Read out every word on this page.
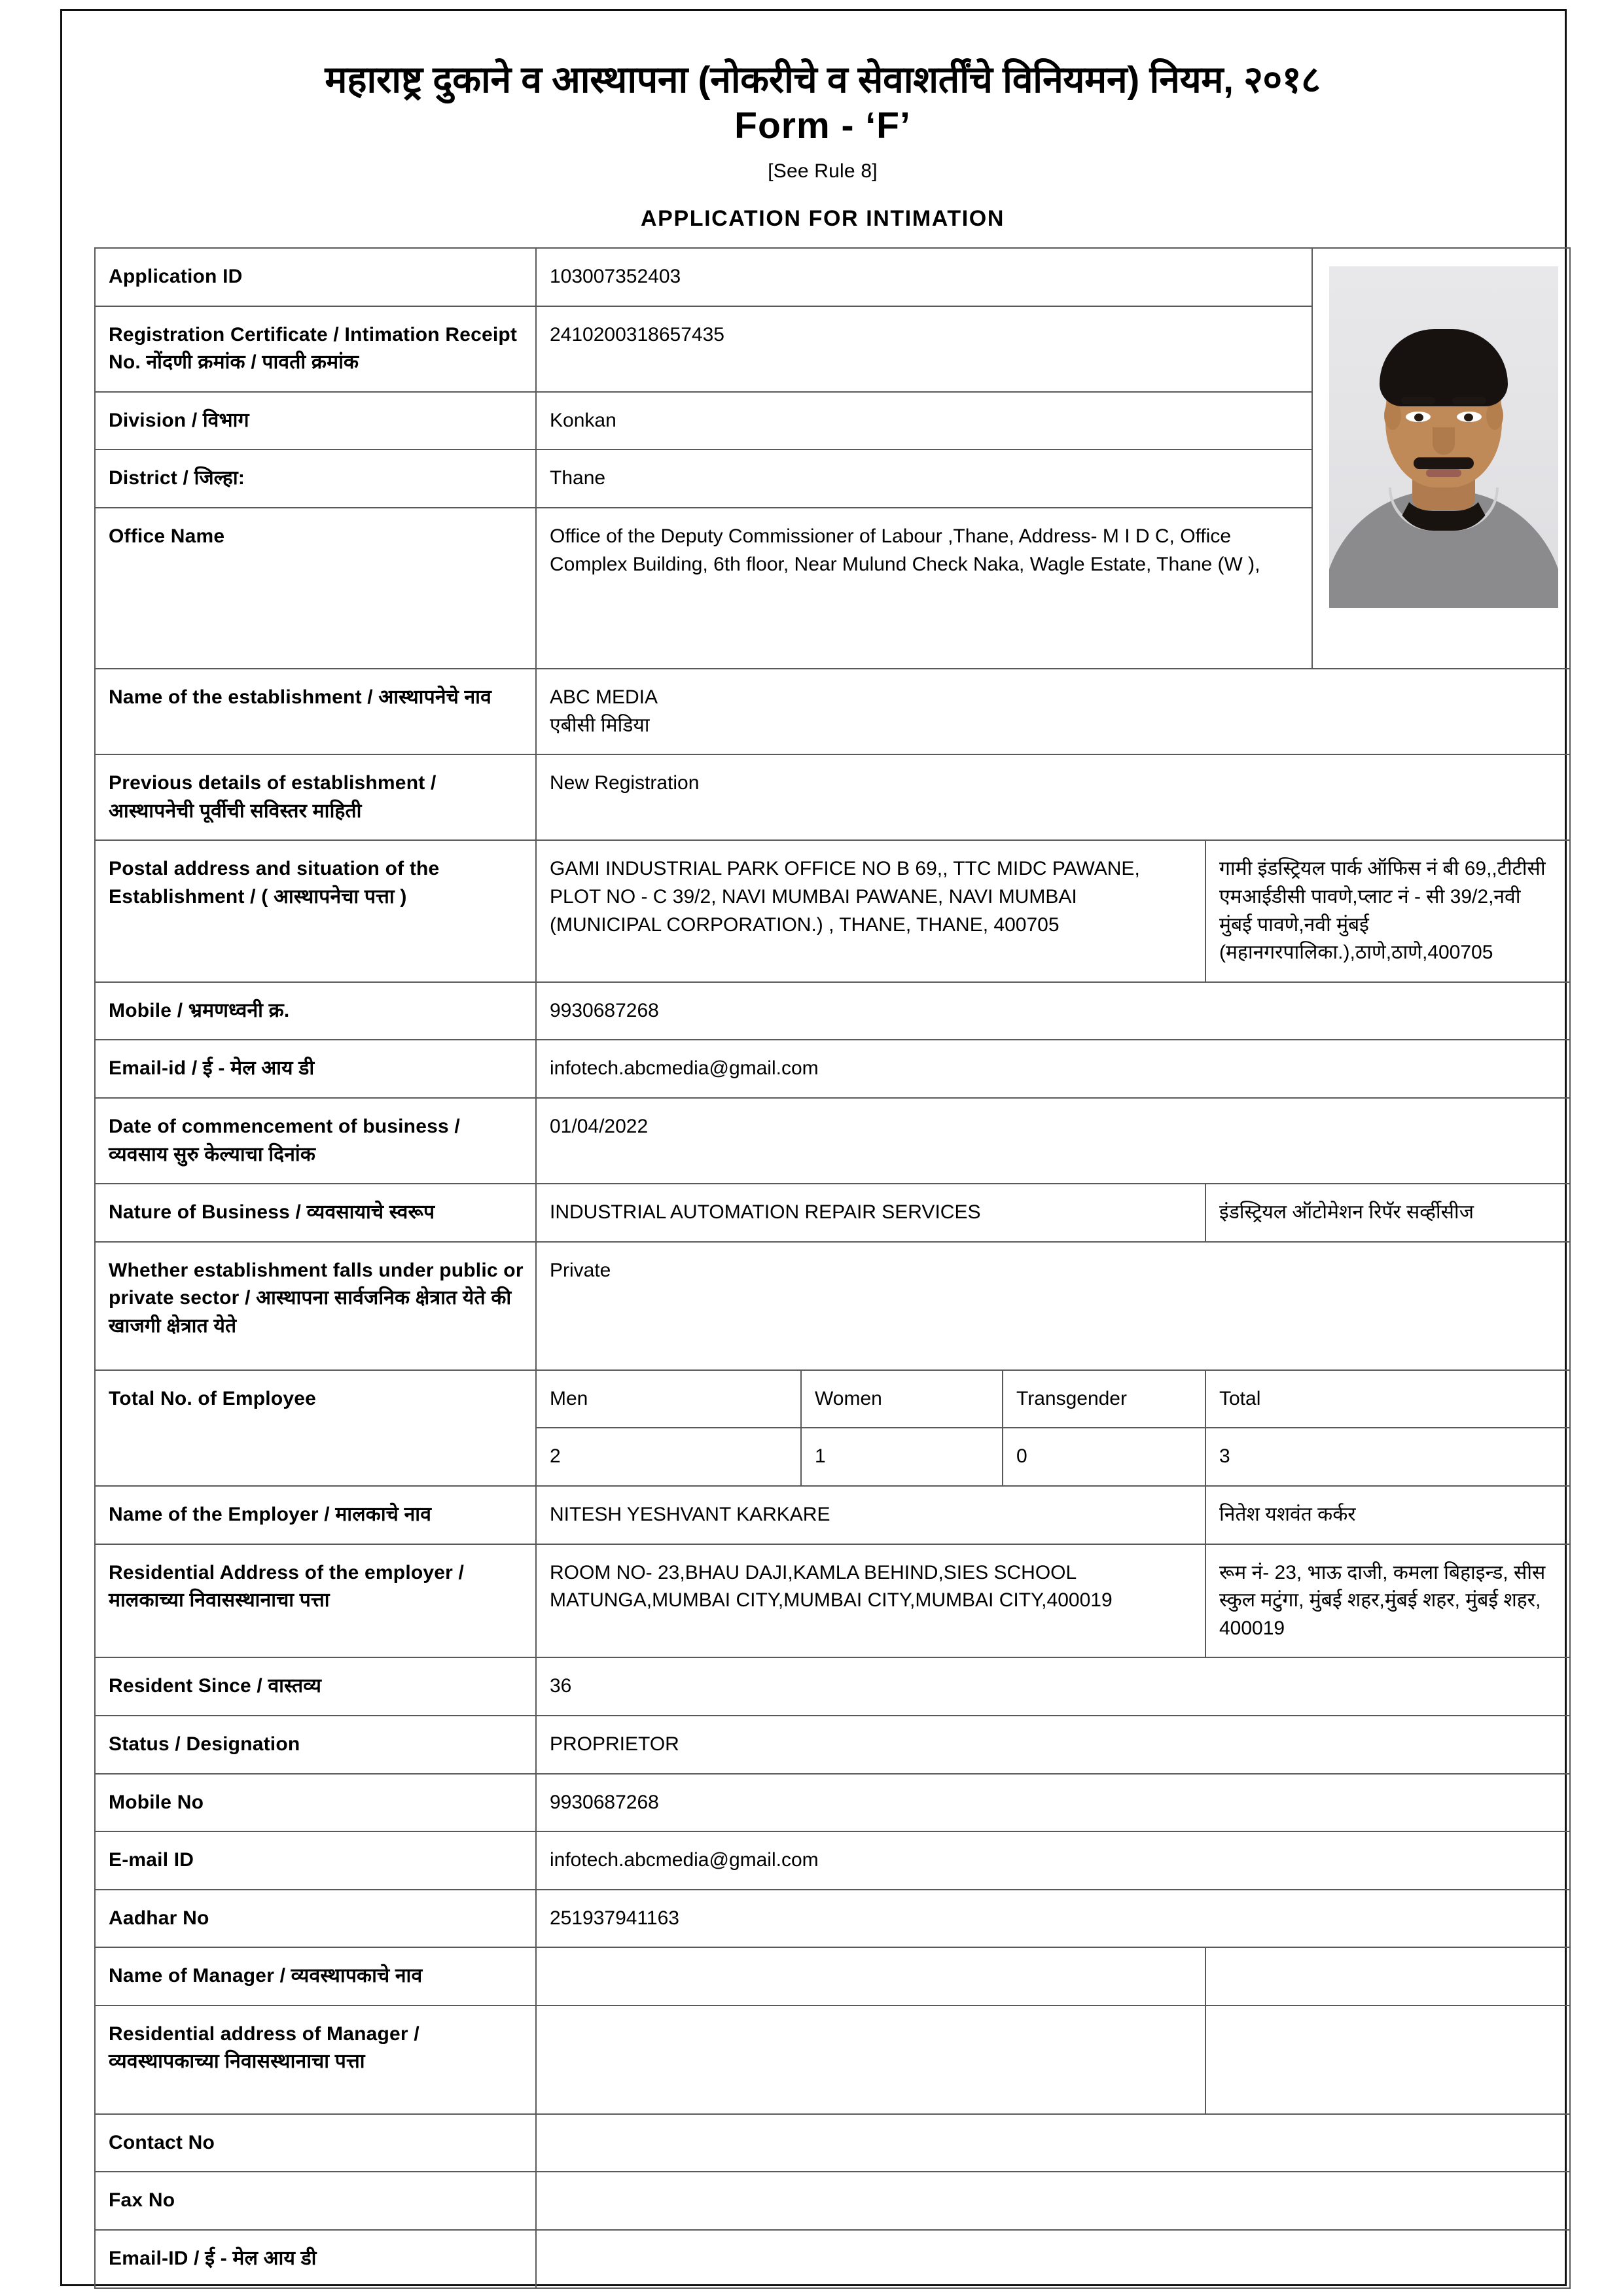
महाराष्ट्र दुकाने व आस्थापना (नोकरीचे व सेवाशर्तींचे विनियमन) नियम, २०१८
Form - ‘F’
[See Rule 8]
APPLICATION FOR INTIMATION
Application ID	103007352403				

Registration Certificate / Intimation Receipt No. नोंदणी क्रमांक / पावती क्रमांक	2410200318657435				
Division / विभाग	Konkan				
District / जिल्हा:	Thane				
Office Name	Office of the Deputy Commissioner of Labour ,Thane, Address- M I D C, Office Complex Building, 6th floor, Near Mulund Check Naka, Wagle Estate, Thane (W ),				
Name of the establishment / आस्थापनेचे नाव	ABC MEDIA
एबीसी मिडिया				

Previous details of establishment / आस्थापनेची पूर्वीची सविस्तर माहिती	New Registration				
Postal address and situation of the Establishment / ( आस्थापनेचा पत्ता )	GAMI INDUSTRIAL PARK OFFICE NO B 69,, TTC MIDC PAWANE, PLOT NO - C 39/2, NAVI MUMBAI PAWANE, NAVI MUMBAI (MUNICIPAL CORPORATION.) , THANE, THANE, 400705			गामी इंडस्ट्रियल पार्क ऑफिस नं बी 69,,टीटीसी एमआईडीसी पावणे,प्लाट नं - सी 39/2,नवी मुंबई पावणे,नवी मुंबई (महानगरपालिका.),ठाणे,ठाणे,400705	
Mobile / भ्रमणध्वनी क्र.	9930687268				
Email-id / ई - मेल आय डी	infotech.abcmedia@gmail.com				
Date of commencement of business / व्यवसाय सुरु केल्याचा दिनांक	01/04/2022				
Nature of Business / व्यवसायाचे स्वरूप	INDUSTRIAL AUTOMATION REPAIR SERVICES			इंडस्ट्रियल ऑटोमेशन रिपॅर सर्व्हीसीज	
Whether establishment falls under public or private sector / आस्थापना सार्वजनिक क्षेत्रात येते की खाजगी क्षेत्रात येते	Private				
Total No. of Employee	Men	Women	Transgender	Total	
	2	1	0	3	
Name of the Employer / मालकाचे नाव	NITESH YESHVANT KARKARE			नितेश यशवंत कर्कर	
Residential Address of the employer / मालकाच्या निवासस्थानाचा पत्ता	ROOM NO- 23,BHAU DAJI,KAMLA BEHIND,SIES SCHOOL MATUNGA,MUMBAI CITY,MUMBAI CITY,MUMBAI CITY,400019			रूम नं- 23, भाऊ दाजी, कमला बिहाइन्ड, सीस स्कुल मटुंगा, मुंबई शहर,मुंबई शहर, मुंबई शहर, 400019	
Resident Since / वास्तव्य	36				
Status / Designation	PROPRIETOR				
Mobile No	9930687268				
E-mail ID	infotech.abcmedia@gmail.com				
Aadhar No	251937941163				
Name of Manager / व्यवस्थापकाचे नाव					
Residential address of Manager / व्यवस्थापकाच्या निवासस्थानाचा पत्ता					
Contact No					
Fax No					
Email-ID / ई - मेल आय डी					
